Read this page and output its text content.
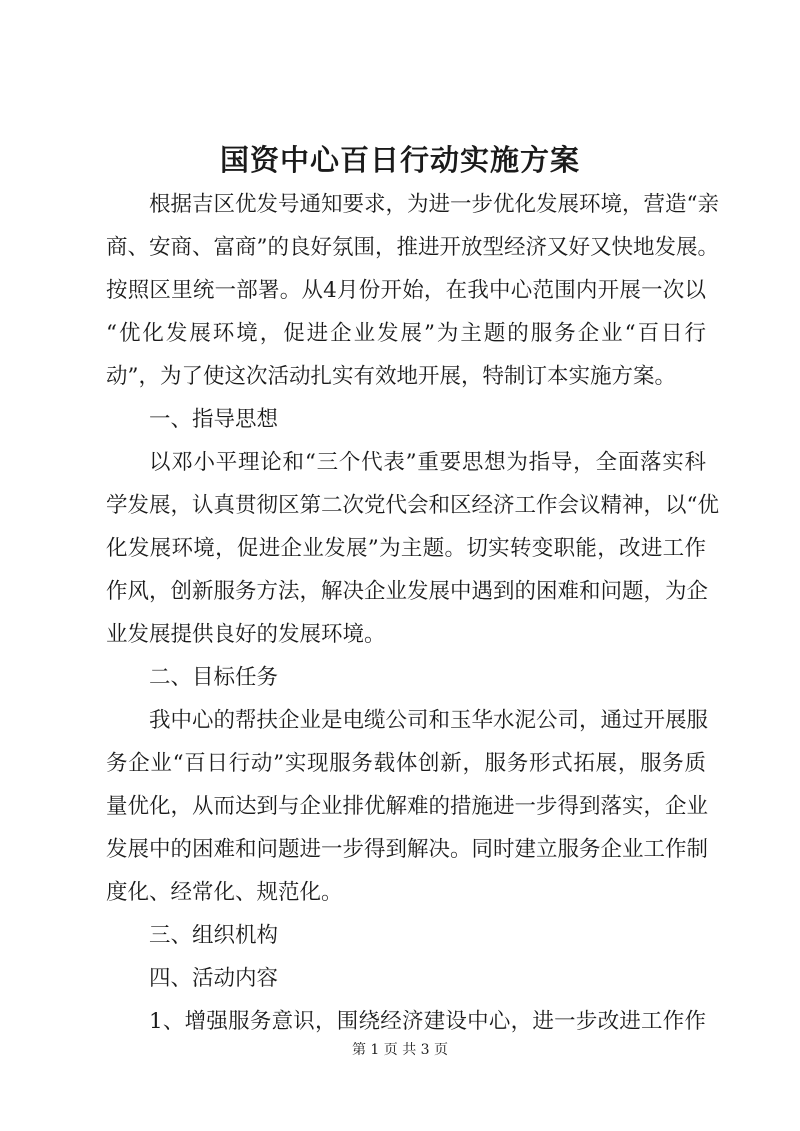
国资中心百日行动实施方案
根据吉区优发号通知要求，为进一步优化发展环境，营造“亲
商、安商、富商”的良好氛围，推进开放型经济又好又快地发展。
按照区里统一部署。从4月份开始，在我中心范围内开展一次以
“优化发展环境，促进企业发展”为主题的服务企业“百日行
动”，为了使这次活动扎实有效地开展，特制订本实施方案。
一、指导思想
以邓小平理论和“三个代表”重要思想为指导，全面落实科
学发展，认真贯彻区第二次党代会和区经济工作会议精神，以“优
化发展环境，促进企业发展”为主题。切实转变职能，改进工作
作风，创新服务方法，解决企业发展中遇到的困难和问题，为企
业发展提供良好的发展环境。
二、目标任务
我中心的帮扶企业是电缆公司和玉华水泥公司，通过开展服
务企业“百日行动”实现服务载体创新，服务形式拓展，服务质
量优化，从而达到与企业排优解难的措施进一步得到落实，企业
发展中的困难和问题进一步得到解决。同时建立服务企业工作制
度化、经常化、规范化。
三、组织机构
四、活动内容
1、增强服务意识，围绕经济建设中心，进一步改进工作作
第 1 页 共 3 页
